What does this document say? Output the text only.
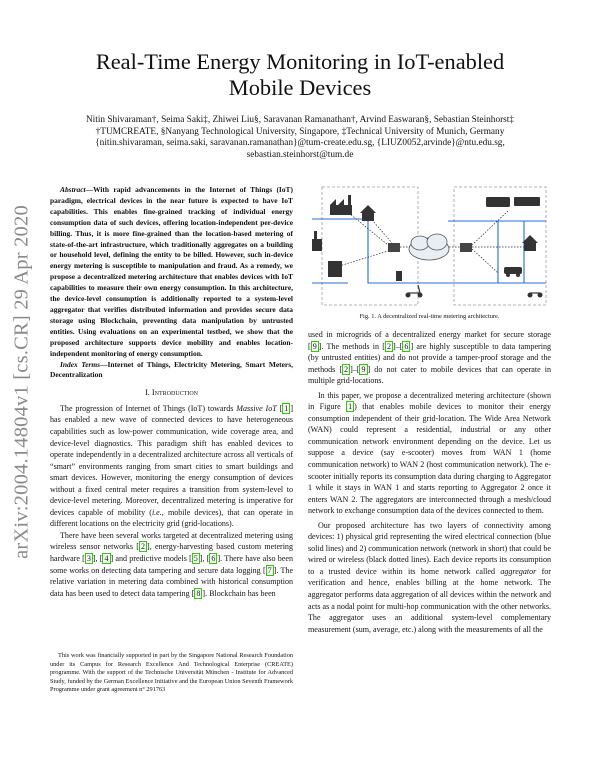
arXiv:2004.14804v1 [cs.CR] 29 Apr 2020
Real-Time Energy Monitoring in IoT-enabled
Mobile Devices
Nitin Shivaraman†, Seima Saki‡, Zhiwei Liu§, Saravanan Ramanathan†, Arvind Easwaran§, Sebastian Steinhorst‡
†TUMCREATE, §Nanyang Technological University, Singapore, ‡Technical University of Munich, Germany
{nitin.shivaraman, seima.saki, saravanan.ramanathan}@tum-create.edu.sg, {LIUZ0052,arvinde}@ntu.edu.sg,
sebastian.steinhorst@tum.de

Abstract—With rapid advancements in the Internet of Things (IoT) paradigm, electrical devices in the near future is expected to have IoT capabilities. This enables fine-grained tracking of individual energy consumption data of such devices, offering location-independent per-device billing. Thus, it is more fine-grained than the location-based metering of state-of-the-art infrastructure, which traditionally aggregates on a building or household level, defining the entity to be billed. However, such in-device energy metering is susceptible to manipulation and fraud. As a remedy, we propose a decentralized metering architecture that enables devices with IoT capabilities to measure their own energy consumption. In this architecture, the device-level consumption is additionally reported to a system-level aggregator that verifies distributed information and provides secure data storage using Blockchain, preventing data manipulation by untrusted entities. Using evaluations on an experimental testbed, we show that the proposed architecture supports device mobility and enables location-independent monitoring of energy consumption.

Index Terms—Internet of Things, Electricity Metering, Smart Meters, Decentralization

I. Introduction

The progression of Internet of Things (IoT) towards Massive IoT [ 1 ] has enabled a new wave of connected devices to have heterogeneous capabilities such as low-power communication, wide coverage area, and device-level diagnostics. This paradigm shift has enabled devices to operate independently in a decentralized architecture across all verticals of “smart” environments ranging from smart cities to smart buildings and smart devices. However, monitoring the energy consumption of devices without a fixed central meter requires a transition from system-level to device-level metering. Moreover, decentralized metering is imperative for devices capable of mobility (i.e., mobile devices), that can operate in different locations on the electricity grid (grid-locations).

There have been several works targeted at decentralized metering using wireless sensor networks [ 2 ], energy-harvesting based custom metering hardware [ 3 ], [ 4 ] and predictive models [ 5 ], [ 6 ]. There have also been some works on detecting data tampering and secure data logging [ 7 ]. The relative variation in metering data combined with historical consumption data has been used to detect data tampering [ 8 ]. Blockchain has been

This work was financially supported in part by the Singapore National Research Foundation under its Campus for Research Excellence And Technological Enterprise (CREATE) programme. With the support of the Technische Universität München - Institute for Advanced Study, funded by the German Excellence Initiative and the European Union Seventh Framework Programme under grant agreement n° 291763

Fig. 1. A decentralized real-time metering architecture.

used in microgrids of a decentralized energy market for secure storage [ 9 ]. The methods in [ 2 ]–[ 6 ] are highly susceptible to data tampering (by untrusted entities) and do not provide a tamper-proof storage and the methods [ 2 ]–[ 9 ] do not cater to mobile devices that can operate in multiple grid-locations.

In this paper, we propose a decentralized metering architecture (shown in Figure 1 ) that enables mobile devices to monitor their energy consumption independent of their grid-location. The Wide Area Network (WAN) could represent a residential, industrial or any other communication network environment depending on the device. Let us suppose a device (say e-scooter) moves from WAN 1 (home communication network) to WAN 2 (host communication network). The e-scooter initially reports its consumption data during charging to Aggregator 1 while it stays in WAN 1 and starts reporting to Aggregator 2 once it enters WAN 2. The aggregators are interconnected through a mesh/cloud network to exchange consumption data of the devices connected to them.

Our proposed architecture has two layers of connectivity among devices: 1) physical grid representing the wired electrical connection (blue solid lines) and 2) communication network (network in short) that could be wired or wireless (black dotted lines). Each device reports its consumption to a trusted device within its home network called aggregator for verification and hence, enables billing at the home network. The aggregator performs data aggregation of all devices within the network and acts as a nodal point for multi-hop communication with the other networks. The aggregator uses an additional system-level complementary measurement (sum, average, etc.) along with the measurements of all the
